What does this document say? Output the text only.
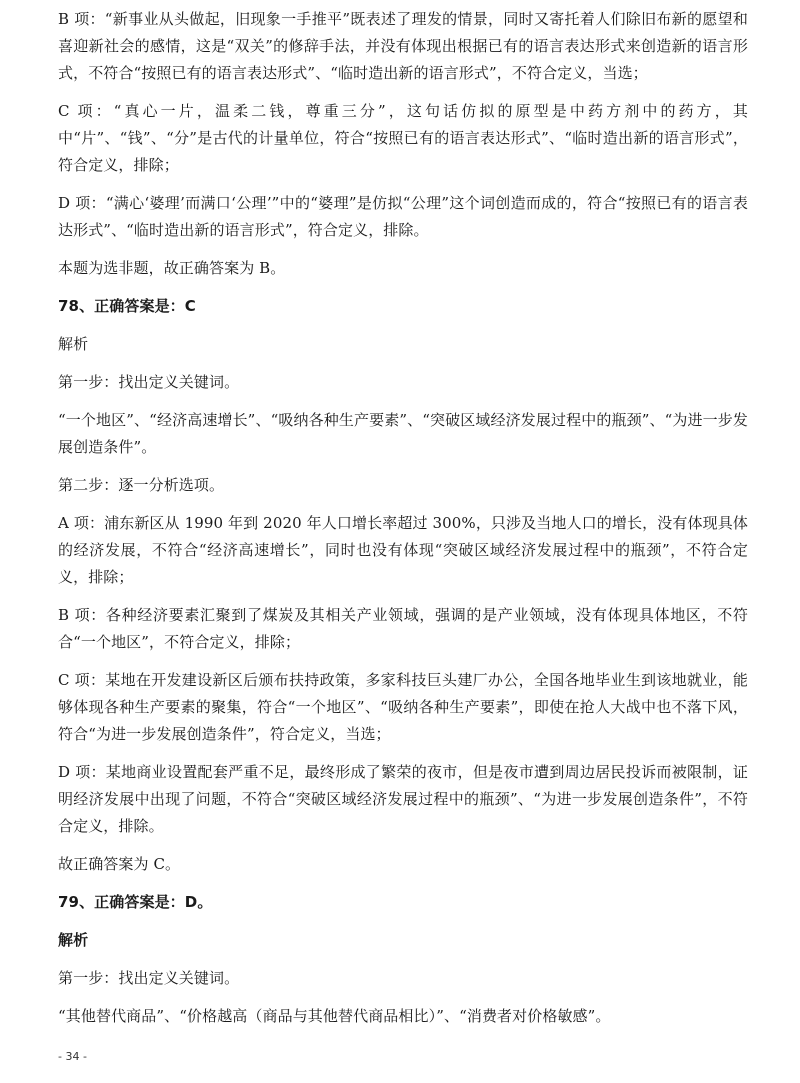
B 项：“新事业从头做起，旧现象一手推平”既表述了理发的情景，同时又寄托着人们除旧布新的愿望和喜迎新社会的感情，这是“双关”的修辞手法，并没有体现出根据已有的语言表达形式来创造新的语言形式，不符合“按照已有的语言表达形式”、“临时造出新的语言形式”，不符合定义，当选；

C 项：“真心一片，温柔二钱，尊重三分”，这句话仿拟的原型是中药方剂中的药方，其中“片”、“钱”、“分”是古代的计量单位，符合“按照已有的语言表达形式”、“临时造出新的语言形式”，符合定义，排除；

D 项：“满心‘婆理’而满口‘公理’”中的“婆理”是仿拟“公理”这个词创造而成的，符合“按照已有的语言表达形式”、“临时造出新的语言形式”，符合定义，排除。

本题为选非题，故正确答案为 B。

78、正确答案是：C

解析

第一步：找出定义关键词。

“一个地区”、“经济高速增长”、“吸纳各种生产要素”、“突破区域经济发展过程中的瓶颈”、“为进一步发展创造条件”。

第二步：逐一分析选项。

A 项：浦东新区从 1990 年到 2020 年人口增长率超过 300%，只涉及当地人口的增长，没有体现具体的经济发展，不符合“经济高速增长”，同时也没有体现“突破区域经济发展过程中的瓶颈”，不符合定义，排除；

B 项：各种经济要素汇聚到了煤炭及其相关产业领域，强调的是产业领域，没有体现具体地区，不符合“一个地区”，不符合定义，排除；

C 项：某地在开发建设新区后颁布扶持政策，多家科技巨头建厂办公，全国各地毕业生到该地就业，能够体现各种生产要素的聚集，符合“一个地区”、“吸纳各种生产要素”，即使在抢人大战中也不落下风，符合“为进一步发展创造条件”，符合定义，当选；

D 项：某地商业设置配套严重不足，最终形成了繁荣的夜市，但是夜市遭到周边居民投诉而被限制，证明经济发展中出现了问题，不符合“突破区域经济发展过程中的瓶颈”、“为进一步发展创造条件”，不符合定义，排除。

故正确答案为 C。

79、正确答案是：D。

解析

第一步：找出定义关键词。

“其他替代商品”、“价格越高（商品与其他替代商品相比）”、“消费者对价格敏感”。

- 34 -
